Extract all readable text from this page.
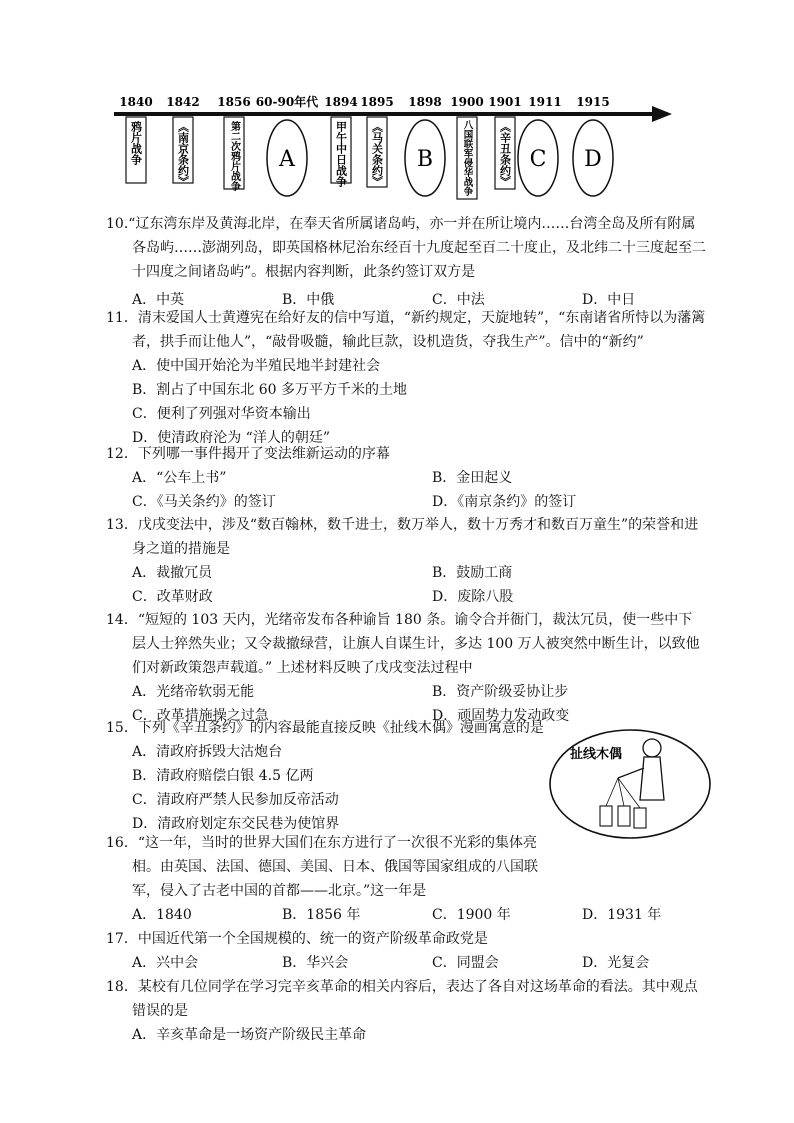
1840 1842 1856 60-90年代 1894 1895 1898 1900 1901 1911 1915
鸦片战争	《南京条约》	第二次鸦片战争	甲午中日战争 《马关条约》	八国联军侵华战争 《辛丑条约》
A	B	C D

10.“辽东湾东岸及黄海北岸，在奉天省所属诸岛屿，亦一并在所让境内……台湾全岛及所有附属各岛屿……澎湖列岛，即英国格林尼治东经百十九度起至百二十度止，及北纬二十三度起至二十四度之间诸岛屿”。根据内容判断，此条约签订双方是

A．中英	B．中俄	C．中法	D．中日

11．清末爱国人士黄遵宪在给好友的信中写道，“新约规定，天旋地转”，“东南诸省所恃以为藩篱者，拱手而让他人”，“敲骨吸髓，输此巨款，设机造货，夺我生产”。信中的“新约”

A．使中国开始沦为半殖民地半封建社会
B．割占了中国东北 60 多万平方千米的土地
C．便利了列强对华资本输出
D．使清政府沦为 “洋人的朝廷”

12．下列哪一事件揭开了变法维新运动的序幕

A．“公车上书”	B．金田起义
C．《马关条约》的签订	D．《南京条约》的签订

13．戊戌变法中，涉及“数百翰林，数千进士，数万举人，数十万秀才和数百万童生”的荣誉和进身之道的措施是

A．裁撤冗员	B．鼓励工商
C．改革财政	D．废除八股

14．“短短的 103 天内，光绪帝发布各种谕旨 180 条。谕令合并衙门，裁汰冗员，使一些中下层人士猝然失业；又令裁撤绿营，让旗人自谋生计，多达 100 万人被突然中断生计，以致他们对新政策怨声载道。” 上述材料反映了戊戌变法过程中

A．光绪帝软弱无能	B．资产阶级妥协让步
C．改革措施操之过急	D．顽固势力发动政变

15．下列《辛丑条约》的内容最能直接反映《扯线木偶》漫画寓意的是

A．清政府拆毁大沽炮台
B．清政府赔偿白银 4.5 亿两
C．清政府严禁人民参加反帝活动
D．清政府划定东交民巷为使馆界
扯线木偶

16．“这一年，当时的世界大国们在东方进行了一次很不光彩的集体亮相。由英国、法国、德国、美国、日本、俄国等国家组成的八国联军，侵入了古老中国的首都——北京。”这一年是

A．1840	B．1856 年	C．1900 年	D．1931 年

17．中国近代第一个全国规模的、统一的资产阶级革命政党是

A．兴中会	B．华兴会	C．同盟会	D．光复会

18．某校有几位同学在学习完辛亥革命的相关内容后，表达了各自对这场革命的看法。其中观点错误的是

A．辛亥革命是一场资产阶级民主革命
